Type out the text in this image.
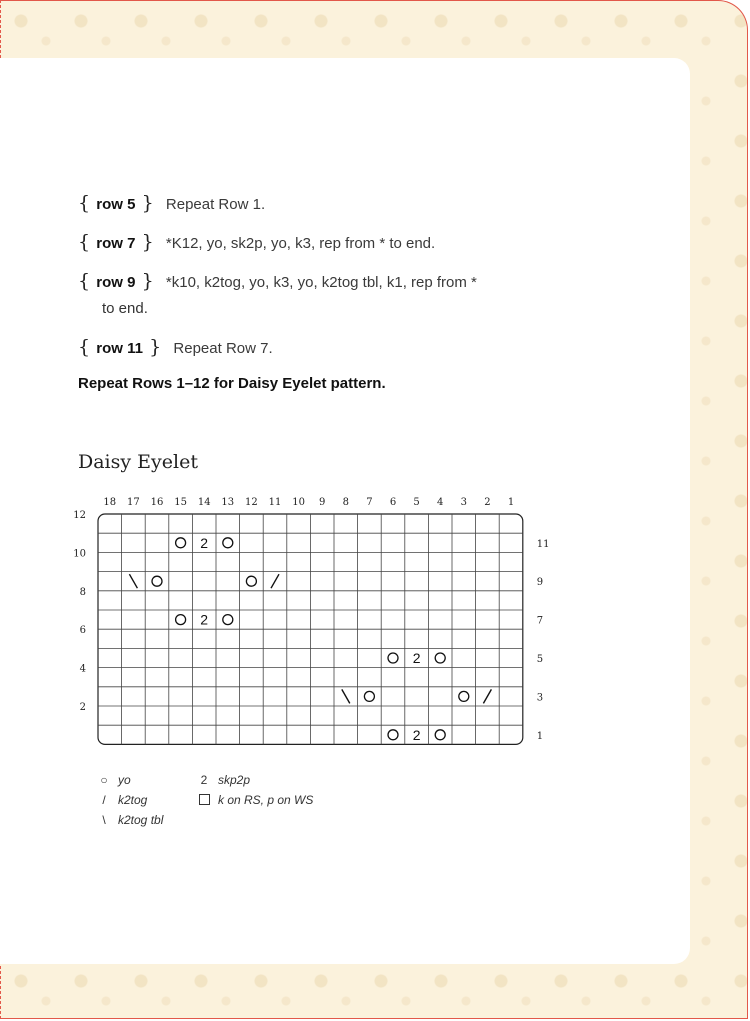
{ row 5 } Repeat Row 1.
{ row 7 } *K12, yo, sk2p, yo, k3, rep from * to end.
{ row 9 } *k10, k2tog, yo, k3, yo, k2tog tbl, k1, rep from *
to end.
{ row 11 } Repeat Row 7.
Repeat Rows 1–12 for Daisy Eyelet pattern.
Daisy Eyelet
18 17 16 15 14 13 12 11 10 9 8 7 6 5 4 3 2 1
11
9
7
5
3
1
12
10
8
6
4
2
2
2
2
2
○ yo
/ k2tog
\ k2tog tbl
2 skp2p
k on RS, p on WS
